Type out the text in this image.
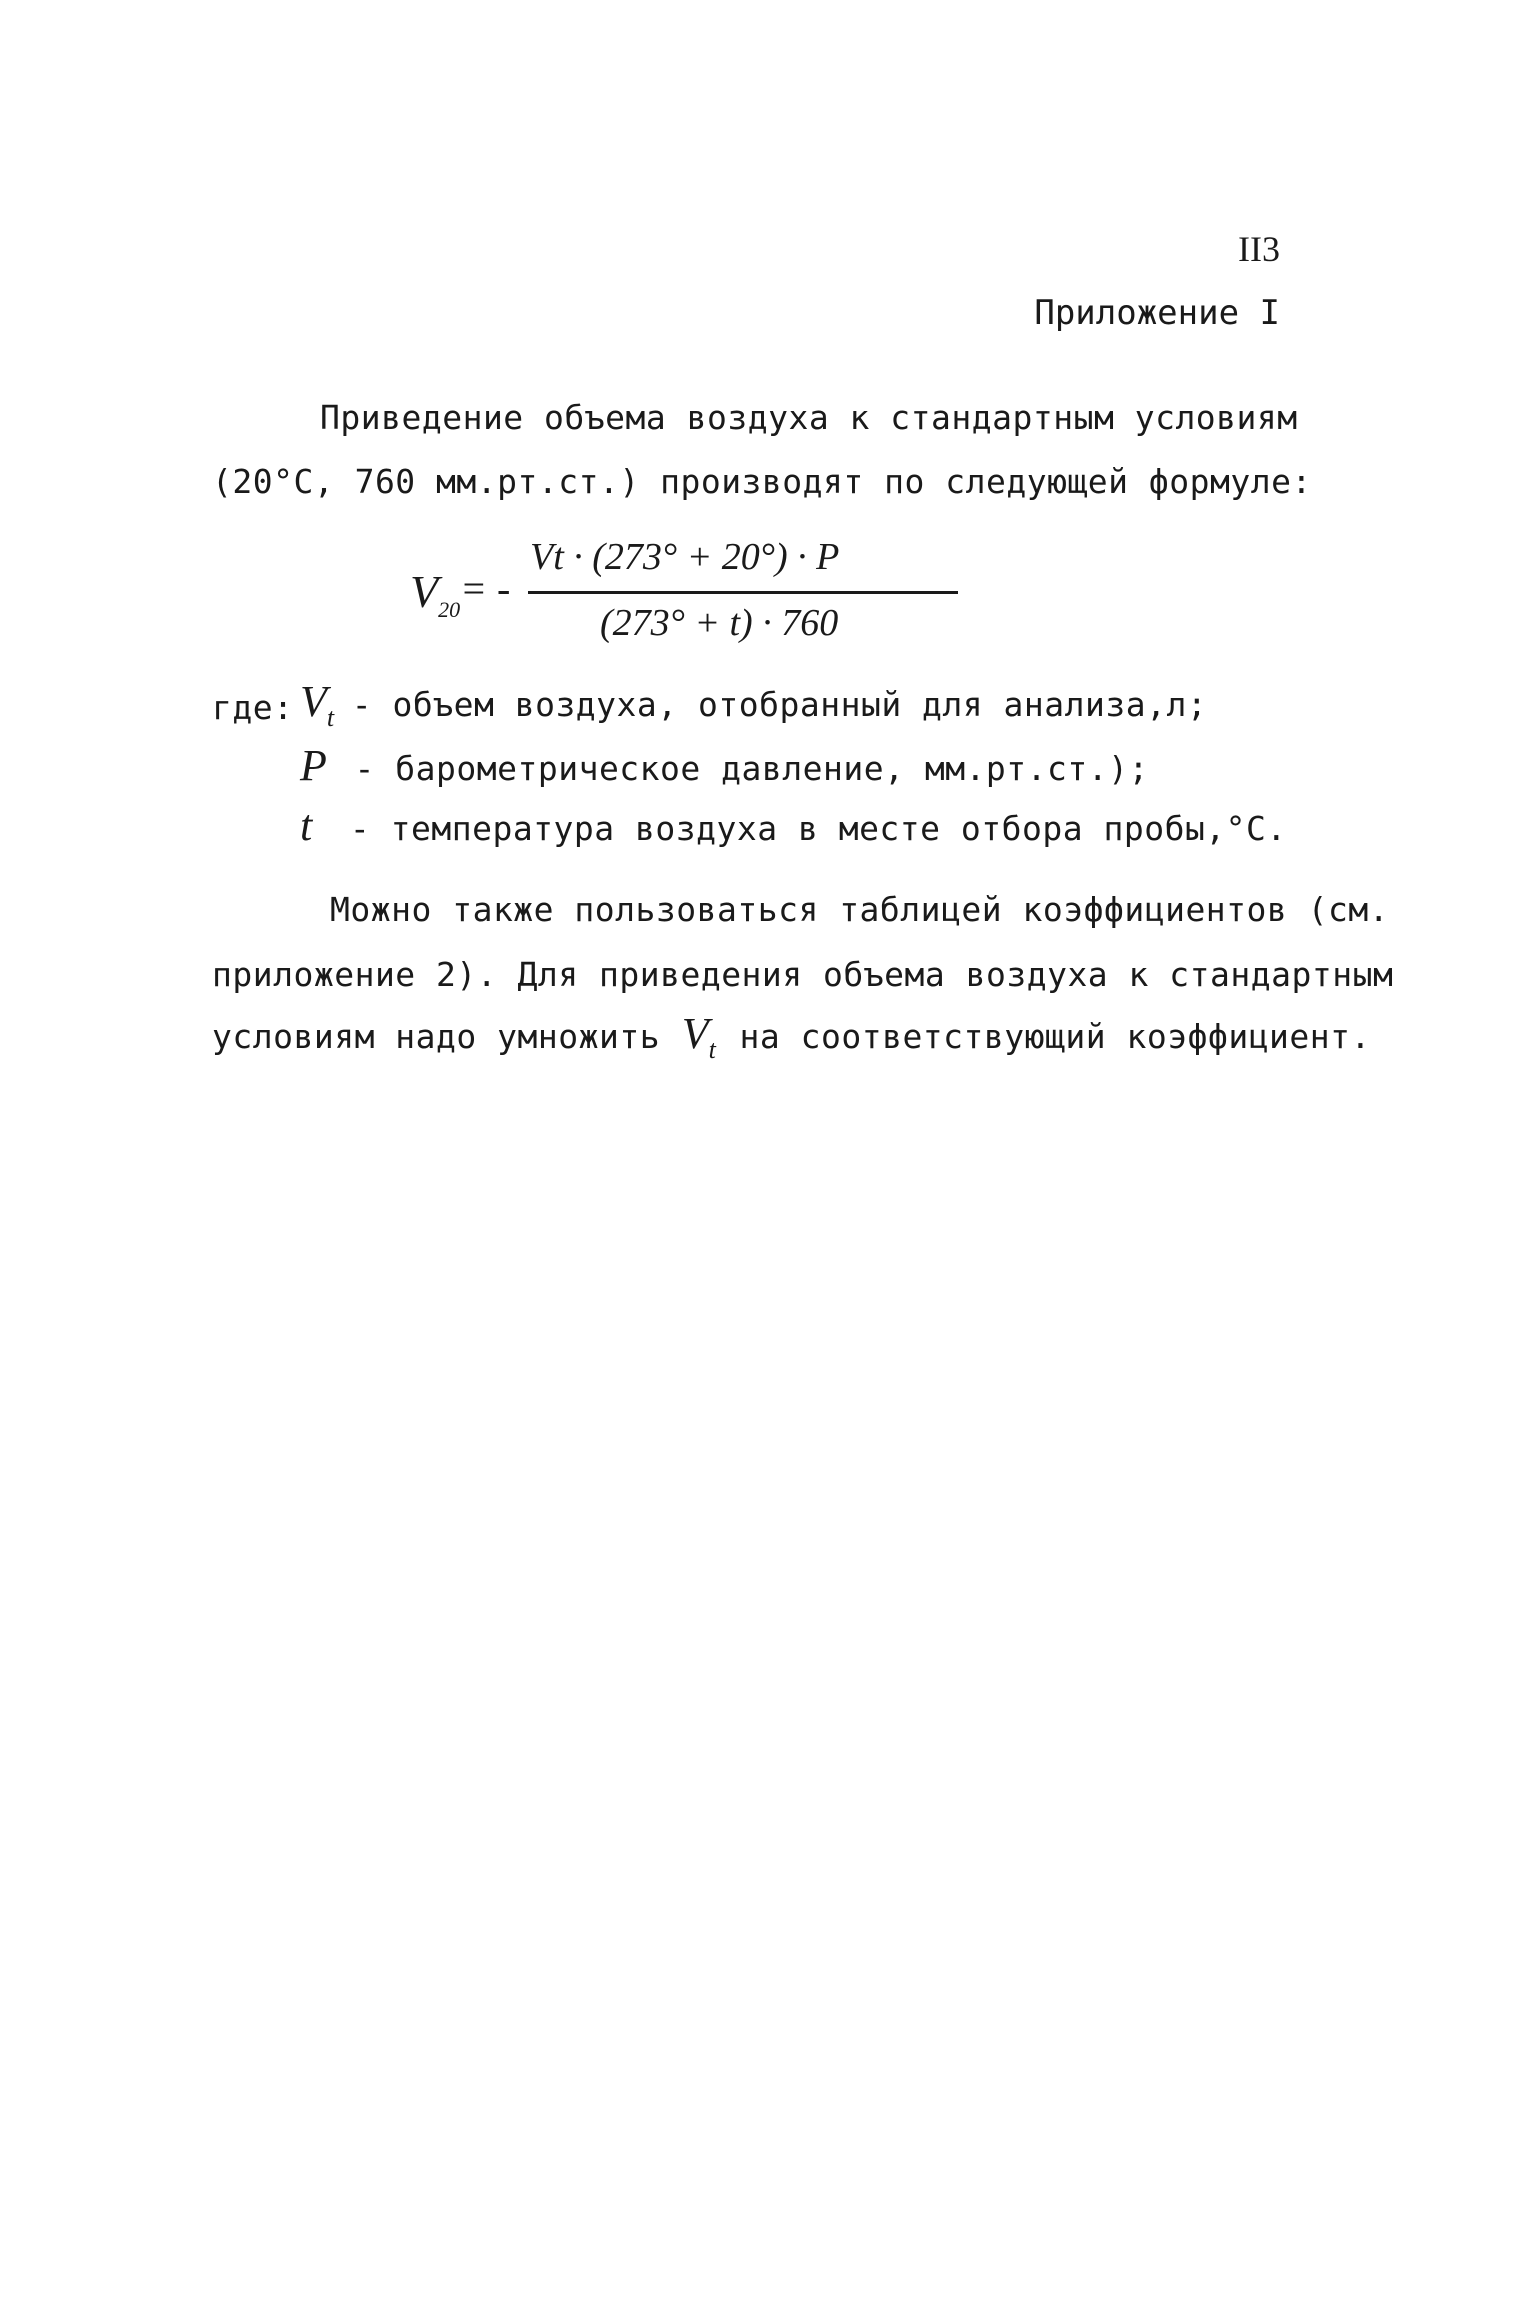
II3
Приложение I
Приведение объема воздуха к стандартным условиям
(20°C, 760 мм.рт.ст.) производят по следующей формуле:
$V_{20}$ = -
Vt · (273° + 20°) · P
(273° + t) · 760
где: $V_t$ - объем воздуха, отобранный для анализа,л;
P - барометрическое давление, мм.рт.ст.);
t - температура воздуха в месте отбора пробы,°С.
Можно также пользоваться таблицей коэффициентов (см.
приложение 2). Для приведения объема воздуха к стандартным
условиям надо умножить $V_t$ на соответствующий коэффициент.
